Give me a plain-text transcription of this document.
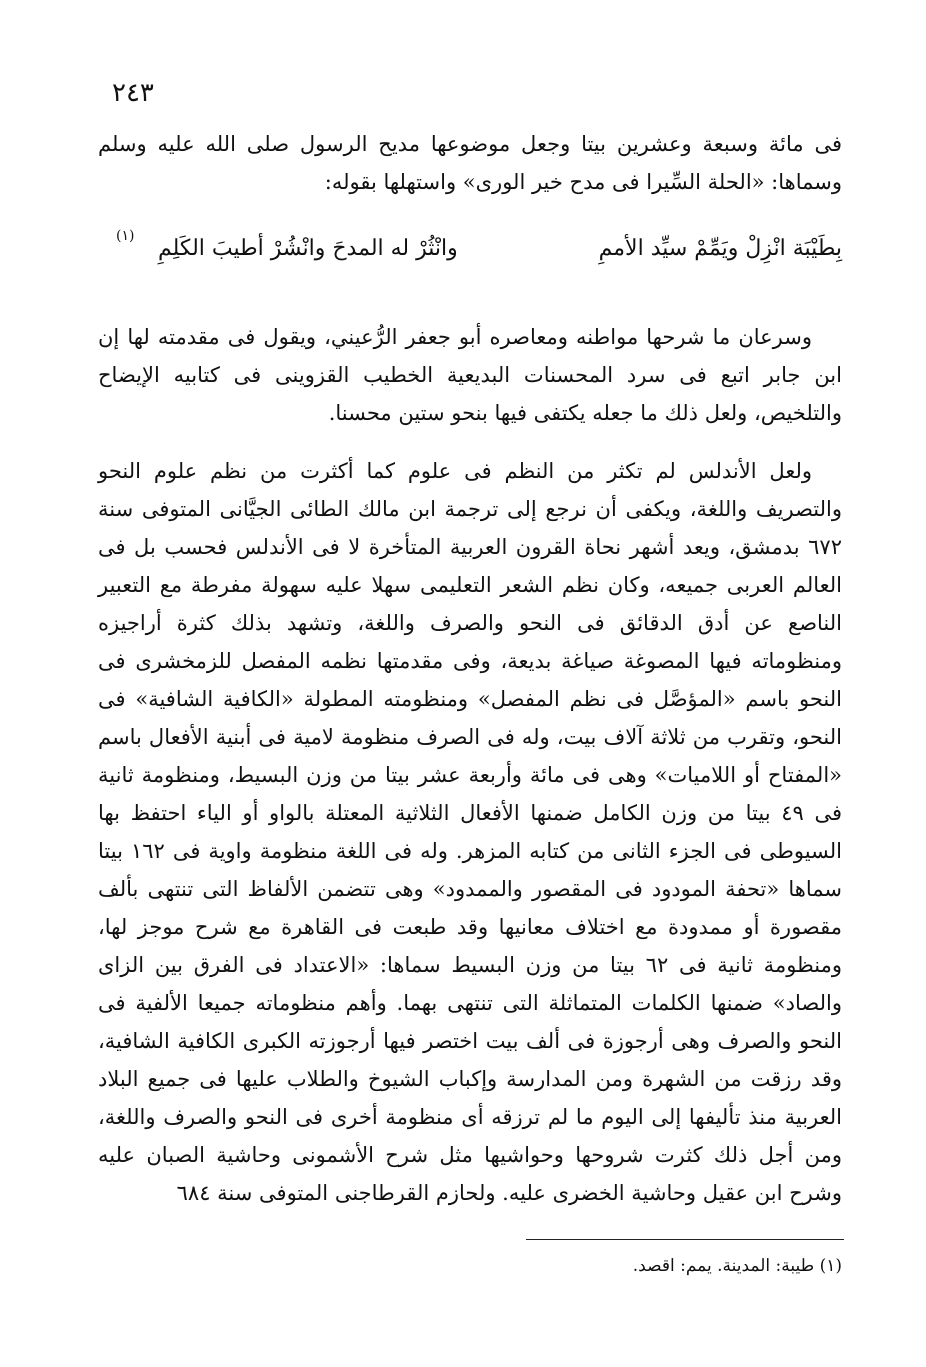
٢٤٣

فى مائة وسبعة وعشرين بيتا وجعل موضوعها مديح الرسول صلى الله عليه وسلم وسماها: «الحلة السِّيرا فى مدح خير الورى» واستهلها بقوله:

بِطَيْبَة انْزِلْ ويَمِّمْ سيِّد الأممِ
وانْثُرْ له المدحَ وانْشُرْ أطيبَ الكَلِمِ
(١)

وسرعان ما شرحها مواطنه ومعاصره أبو جعفر الرُّعيني، ويقول فى مقدمته لها إن ابن جابر اتبع فى سرد المحسنات البديعية الخطيب القزوينى فى كتابيه الإيضاح والتلخيص، ولعل ذلك ما جعله يكتفى فيها بنحو ستين محسنا.

ولعل الأندلس لم تكثر من النظم فى علوم كما أكثرت من نظم علوم النحو والتصريف واللغة، ويكفى أن نرجع إلى ترجمة ابن مالك الطائى الجيَّانى المتوفى سنة ٦٧٢ بدمشق، ويعد أشهر نحاة القرون العربية المتأخرة لا فى الأندلس فحسب بل فى العالم العربى جميعه، وكان نظم الشعر التعليمى سهلا عليه سهولة مفرطة مع التعبير الناصع عن أدق الدقائق فى النحو والصرف واللغة، وتشهد بذلك كثرة أراجيزه ومنظوماته فيها المصوغة صياغة بديعة، وفى مقدمتها نظمه المفصل للزمخشرى فى النحو باسم «المؤصَّل فى نظم المفصل» ومنظومته المطولة «الكافية الشافية» فى النحو، وتقرب من ثلاثة آلاف بيت، وله فى الصرف منظومة لامية فى أبنية الأفعال باسم «المفتاح أو اللاميات» وهى فى مائة وأربعة عشر بيتا من وزن البسيط، ومنظومة ثانية فى ٤٩ بيتا من وزن الكامل ضمنها الأفعال الثلاثية المعتلة بالواو أو الياء احتفظ بها السيوطى فى الجزء الثانى من كتابه المزهر. وله فى اللغة منظومة واوية فى ١٦٢ بيتا سماها «تحفة المودود فى المقصور والممدود» وهى تتضمن الألفاظ التى تنتهى بألف مقصورة أو ممدودة مع اختلاف معانيها وقد طبعت فى القاهرة مع شرح موجز لها، ومنظومة ثانية فى ٦٢ بيتا من وزن البسيط سماها: «الاعتداد فى الفرق بين الزاى والصاد» ضمنها الكلمات المتماثلة التى تنتهى بهما. وأهم منظوماته جميعا الألفية فى النحو والصرف وهى أرجوزة فى ألف بيت اختصر فيها أرجوزته الكبرى الكافية الشافية، وقد رزقت من الشهرة ومن المدارسة وإكباب الشيوخ والطلاب عليها فى جميع البلاد العربية منذ تأليفها إلى اليوم ما لم ترزقه أى منظومة أخرى فى النحو والصرف واللغة، ومن أجل ذلك كثرت شروحها وحواشيها مثل شرح الأشمونى وحاشية الصبان عليه وشرح ابن عقيل وحاشية الخضرى عليه. ولحازم القرطاجنى المتوفى سنة ٦٨٤

(١) طيبة: المدينة. يمم: اقصد.
